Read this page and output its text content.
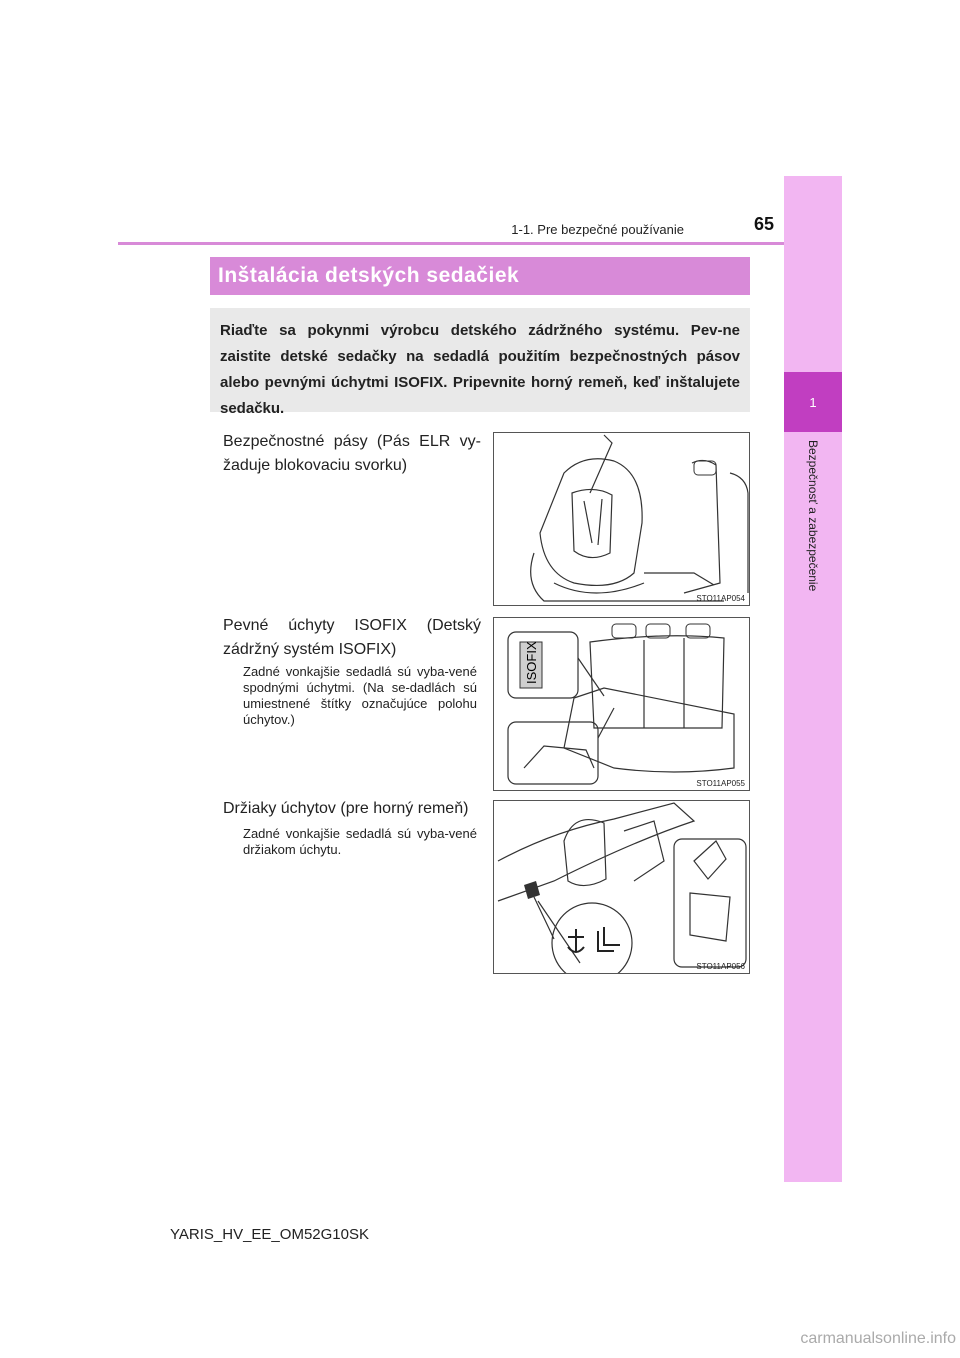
1
Bezpečnosť a zabezpečenie
1-1. Pre bezpečné používanie	65
Inštalácia detských sedačiek
Riaďte sa pokynmi výrobcu detského zádržného systému. Pev-ne zaistite detské sedačky na sedadlá použitím bezpečnostných pásov alebo pevnými úchytmi ISOFIX. Pripevnite horný remeň, keď inštalujete sedačku.
Bezpečnostné pásy (Pás ELR vy-žaduje blokovaciu svorku)
STO11AP054
Pevné úchyty ISOFIX (Detský zádržný systém ISOFIX)
Zadné vonkajšie sedadlá sú vyba-vené spodnými úchytmi. (Na se-dadlách sú umiestnené štítky označujúce polohu úchytov.)
ISOFIX
STO11AP055
Držiaky úchytov (pre horný remeň)
Zadné vonkajšie sedadlá sú vyba-vené držiakom úchytu.
STO11AP056
YARIS_HV_EE_OM52G10SK
carmanualsonline.info
